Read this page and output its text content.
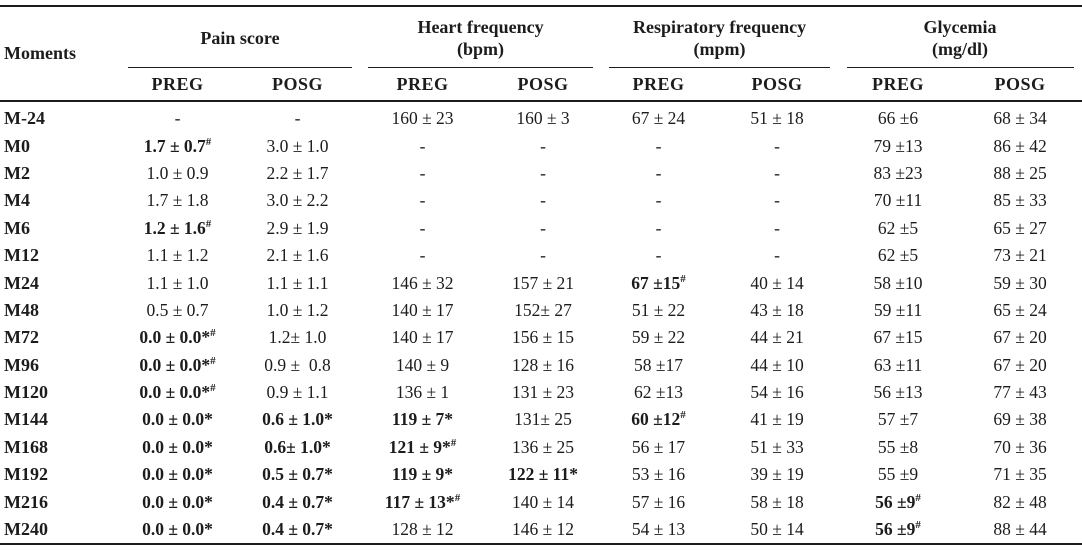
Moments	
Pain score

Heart frequency
(bpm)

Respiratory frequency
(mpm)

Glycemia
(mg/dl)

	PREG	POSG	PREG	POSG	PREG	POSG	PREG	POSG
M-24	-	-	160 ± 23	160 ± 3	67 ± 24	51 ± 18	66 ±6	68 ± 34
M0	1.7 ± 0.7#	3.0 ± 1.0	-	-	-	-	79 ±13	86 ± 42
M2	1.0 ± 0.9	2.2 ± 1.7	-	-	-	-	83 ±23	88 ± 25
M4	1.7 ± 1.8	3.0 ± 2.2	-	-	-	-	70 ±11	85 ± 33
M6	1.2 ± 1.6#	2.9 ± 1.9	-	-	-	-	62 ±5	65 ± 27
M12	1.1 ± 1.2	2.1 ± 1.6	-	-	-	-	62 ±5	73 ± 21
M24	1.1 ± 1.0	1.1 ± 1.1	146 ± 32	157 ± 21	67 ±15#	40 ± 14	58 ±10	59 ± 30
M48	0.5 ± 0.7	1.0 ± 1.2	140 ± 17	152± 27	51 ± 22	43 ± 18	59 ±11	65 ± 24
M72	0.0 ± 0.0*#	1.2± 1.0	140 ± 17	156 ± 15	59 ± 22	44 ± 21	67 ±15	67 ± 20
M96	0.0 ± 0.0*#	0.9 ±  0.8	140 ± 9	128 ± 16	58 ±17	44 ± 10	63 ±11	67 ± 20
M120	0.0 ± 0.0*#	0.9 ± 1.1	136 ± 1	131 ± 23	62 ±13	54 ± 16	56 ±13	77 ± 43
M144	0.0 ± 0.0*	0.6 ± 1.0*	119 ± 7*	131± 25	60 ±12#	41 ± 19	57 ±7	69 ± 38
M168	0.0 ± 0.0*	0.6± 1.0*	121 ± 9*#	136 ± 25	56 ± 17	51 ± 33	55 ±8	70 ± 36
M192	0.0 ± 0.0*	0.5 ± 0.7*	119 ± 9*	122 ± 11*	53 ± 16	39 ± 19	55 ±9	71 ± 35
M216	0.0 ± 0.0*	0.4 ± 0.7*	117 ± 13*#	140 ± 14	57 ± 16	58 ± 18	56 ±9#	82 ± 48
M240	0.0 ± 0.0*	0.4 ± 0.7*	128 ± 12	146 ± 12	54 ± 13	50 ± 14	56 ±9#	88 ± 44
